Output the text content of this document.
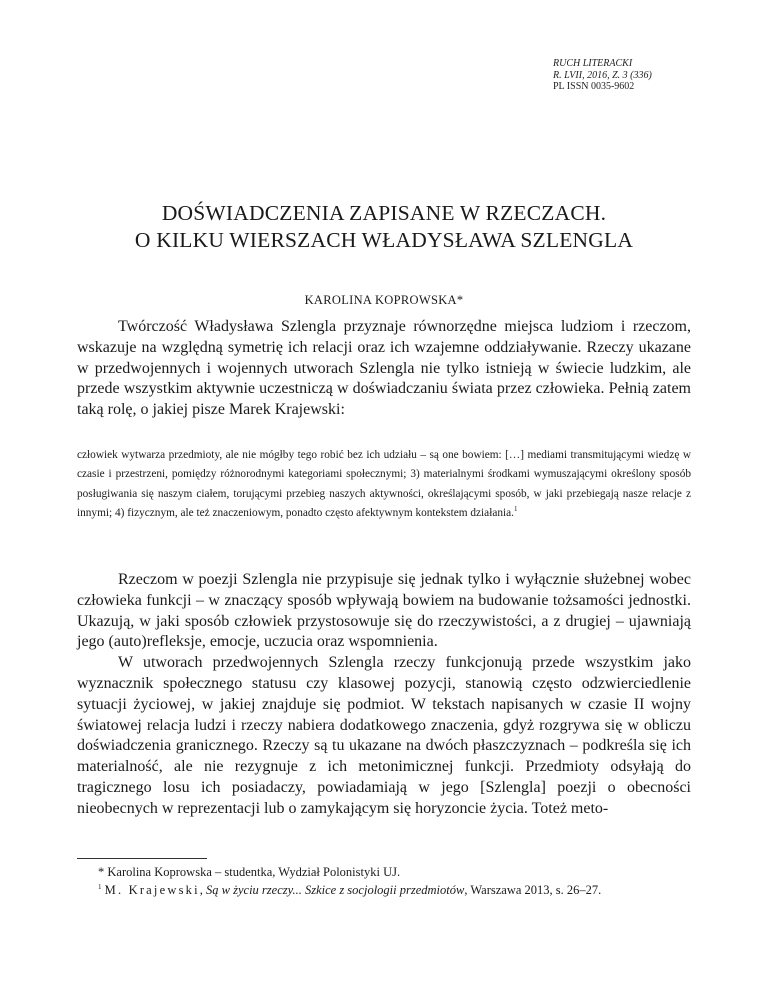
RUCH LITERACKI
R. LVII, 2016, Z. 3 (336)
PL ISSN 0035-9602
DOŚWIADCZENIA ZAPISANE W RZECZACH.
O KILKU WIERSZACH WŁADYSŁAWA SZLENGLA
KAROLINA KOPROWSKA*

Twórczość Władysława Szlengla przyznaje równorzędne miejsca ludziom i rzeczom, wskazuje na względną symetrię ich relacji oraz ich wzajemne oddziaływanie. Rzeczy ukazane w przedwojennych i wojennych utworach Szlengla nie tylko istnieją w świecie ludzkim, ale przede wszystkim aktywnie uczestniczą w doświadczaniu świata przez człowieka. Pełnią zatem taką rolę, o jakiej pisze Marek Krajewski:

człowiek wytwarza przedmioty, ale nie mógłby tego robić bez ich udziału – są one bowiem: […] mediami transmitującymi wiedzę w czasie i przestrzeni, pomiędzy różnorodnymi kategoriami społecznymi; 3) materialnymi środkami wymuszającymi określony sposób posługiwania się naszym ciałem, torującymi przebieg naszych aktywności, określającymi sposób, w jaki przebiegają nasze relacje z innymi; 4) fizycznym, ale też znaczeniowym, ponadto często afektywnym kontekstem działania.$^1$

Rzeczom w poezji Szlengla nie przypisuje się jednak tylko i wyłącznie służebnej wobec człowieka funkcji – w znaczący sposób wpływają bowiem na budowanie tożsamości jednostki. Ukazują, w jaki sposób człowiek przystosowuje się do rzeczywistości, a z drugiej – ujawniają jego (auto)refleksje, emocje, uczucia oraz wspomnienia.

W utworach przedwojennych Szlengla rzeczy funkcjonują przede wszystkim jako wyznacznik społecznego statusu czy klasowej pozycji, stanowią często odzwierciedlenie sytuacji życiowej, w jakiej znajduje się podmiot. W tekstach napisanych w czasie II wojny światowej relacja ludzi i rzeczy nabiera dodatkowego znaczenia, gdyż rozgrywa się w obliczu doświadczenia granicznego. Rzeczy są tu ukazane na dwóch płaszczyznach – podkreśla się ich materialność, ale nie rezygnuje z ich metonimicznej funkcji. Przedmioty odsyłają do tragicznego losu ich posiadaczy, powiadamiają w jego [Szlengla] poezji o obecności nieobecnych w reprezentacji lub o zamykającym się horyzoncie życia. Toteż meto-

* Karolina Koprowska – studentka, Wydział Polonistyki UJ.

$^1$ M. Krajewski, Są w życiu rzeczy... Szkice z socjologii przedmiotów, Warszawa 2013, s. 26–27.
